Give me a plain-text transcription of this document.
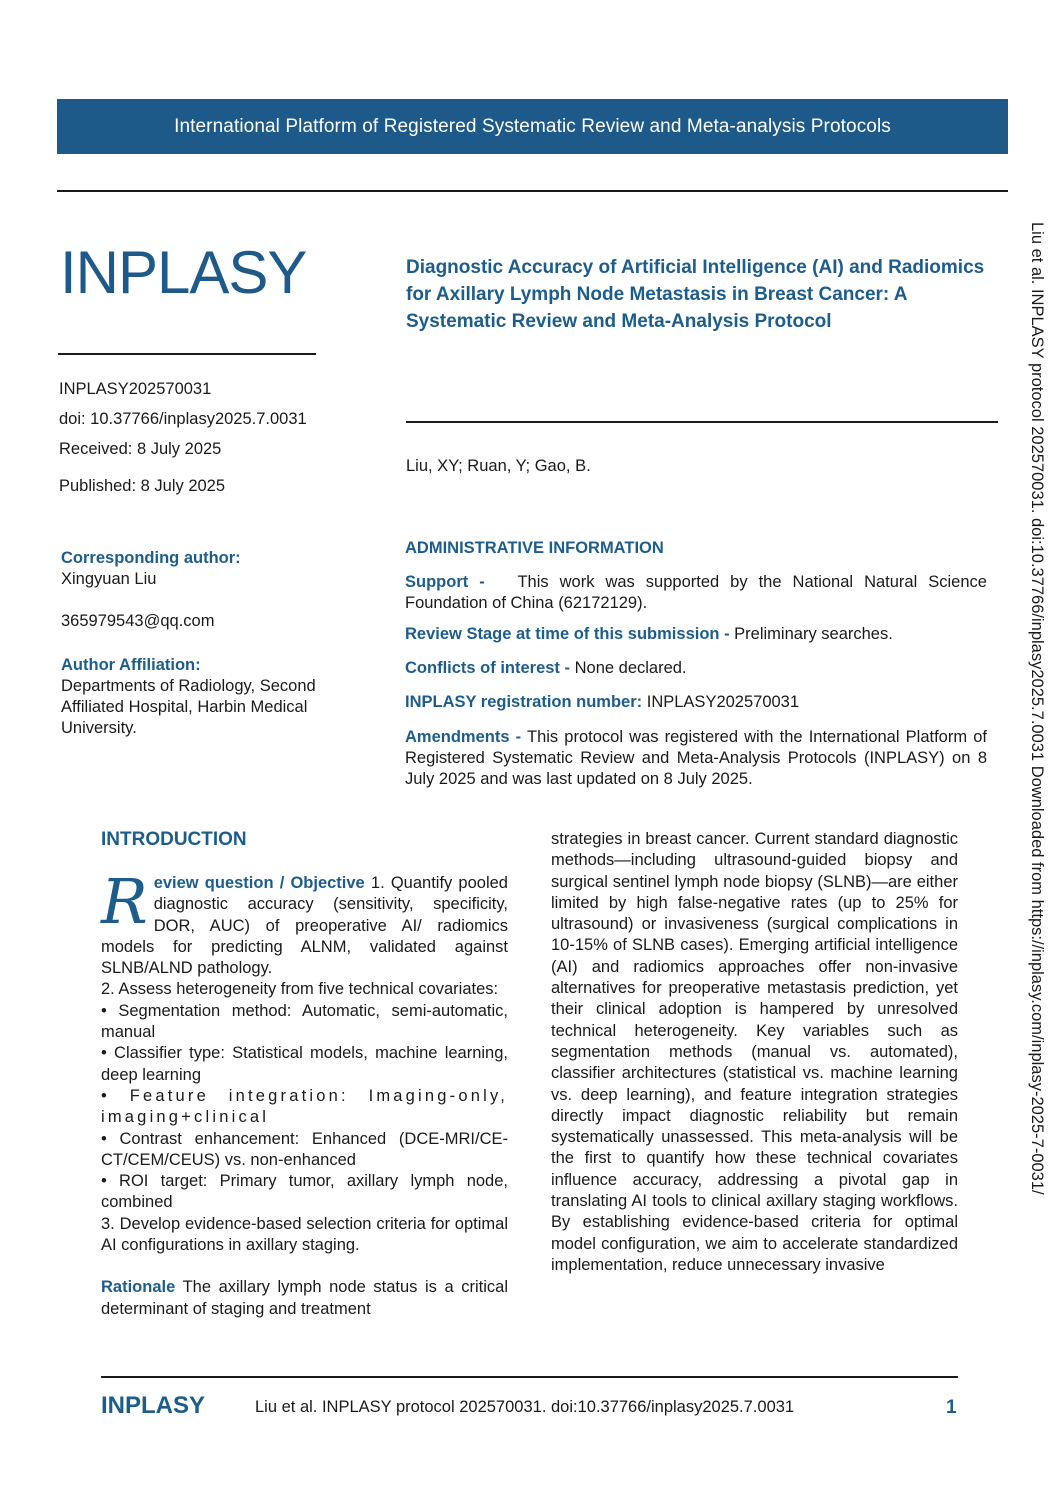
International Platform of Registered Systematic Review and Meta-analysis Protocols
INPLASY
INPLASY202570031
doi: 10.37766/inplasy2025.7.0031
Received: 8 July 2025
Published: 8 July 2025
Diagnostic Accuracy of Artificial Intelligence (AI) and Radiomics for Axillary Lymph Node Metastasis in Breast Cancer: A Systematic Review and Meta-Analysis Protocol
Liu, XY; Ruan, Y; Gao, B.
Corresponding author:
Xingyuan Liu
365979543@qq.com
Author Affiliation:
Departments of Radiology, Second Affiliated Hospital, Harbin Medical University.
ADMINISTRATIVE INFORMATION
Support - This work was supported by the National Natural Science Foundation of China (62172129).
Review Stage at time of this submission - Preliminary searches.
Conflicts of interest - None declared.
INPLASY registration number: INPLASY202570031
Amendments - This protocol was registered with the International Platform of Registered Systematic Review and Meta-Analysis Protocols (INPLASY) on 8 July 2025 and was last updated on 8 July 2025.
INTRODUCTION

R eview question / Objective 1. Quantify pooled diagnostic accuracy (sensitivity, specificity, DOR, AUC) of preoperative AI/ radiomics models for predicting ALNM, validated against SLNB/ALND pathology.

2. Assess heterogeneity from five technical covariates:

• Segmentation method: Automatic, semi-automatic, manual

• Classifier type: Statistical models, machine learning, deep learning

• Feature integration: Imaging-only, imaging+clinical

• Contrast enhancement: Enhanced (DCE-MRI/CE-CT/CEM/CEUS) vs. non-enhanced

• ROI target: Primary tumor, axillary lymph node, combined

3. Develop evidence-based selection criteria for optimal AI configurations in axillary staging.

Rationale The axillary lymph node status is a critical determinant of staging and treatment

strategies in breast cancer. Current standard diagnostic methods—including ultrasound-guided biopsy and surgical sentinel lymph node biopsy (SLNB)—are either limited by high false-negative rates (up to 25% for ultrasound) or invasiveness (surgical complications in 10-15% of SLNB cases). Emerging artificial intelligence (AI) and radiomics approaches offer non-invasive alternatives for preoperative metastasis prediction, yet their clinical adoption is hampered by unresolved technical heterogeneity. Key variables such as segmentation methods (manual vs. automated), classifier architectures (statistical vs. machine learning vs. deep learning), and feature integration strategies directly impact diagnostic reliability but remain systematically unassessed. This meta-analysis will be the first to quantify how these technical covariates influence accuracy, addressing a pivotal gap in translating AI tools to clinical axillary staging workflows. By establishing evidence-based criteria for optimal model configuration, we aim to accelerate standardized implementation, reduce unnecessary invasive

INPLASY	Liu et al. INPLASY protocol 202570031. doi:10.37766/inplasy2025.7.0031	1
Liu et al. INPLASY protocol 202570031. doi:10.37766/inplasy2025.7.0031 Downloaded from https://inplasy.com/inplasy-2025-7-0031/
